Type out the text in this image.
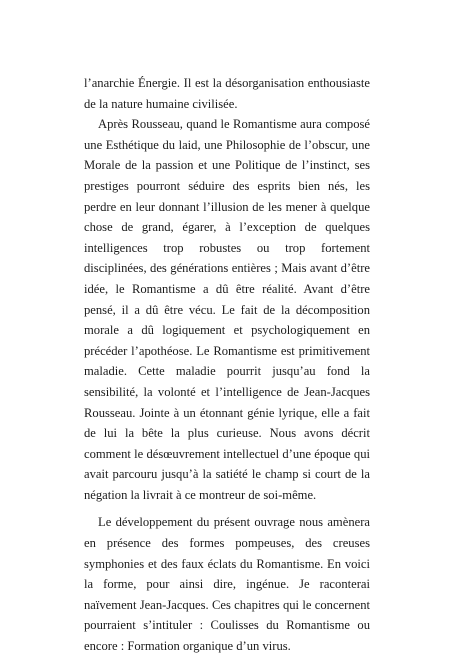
l’anarchie Énergie. Il est la désorganisation enthousiaste de la nature humaine civilisée.

Après Rousseau, quand le Romantisme aura composé une Esthétique du laid, une Philosophie de l’obscur, une Morale de la passion et une Politique de l’instinct, ses prestiges pourront séduire des esprits bien nés, les perdre en leur donnant l’illusion de les mener à quelque chose de grand, égarer, à l’exception de quelques intelligences trop robustes ou trop fortement disciplinées, des générations entières ; Mais avant d’être idée, le Romantisme a dû être réalité. Avant d’être pensé, il a dû être vécu. Le fait de la décomposition morale a dû logiquement et psychologiquement en précéder l’apothéose. Le Romantisme est primitivement maladie. Cette maladie pourrit jusqu’au fond la sensibilité, la volonté et l’intelligence de Jean-Jacques Rousseau. Jointe à un étonnant génie lyrique, elle a fait de lui la bête la plus curieuse. Nous avons décrit comment le désœuvrement intellectuel d’une époque qui avait parcouru jusqu’à la satiété le champ si court de la négation la livrait à ce montreur de soi-même.

Le développement du présent ouvrage nous amènera en présence des formes pompeuses, des creuses symphonies et des faux éclats du Romantisme. En voici la forme, pour ainsi dire, ingénue. Je raconterai naïvement Jean-Jacques. Ces chapitres qui le concernent pourraient s’intituler : Coulisses du Romantisme ou encore : Formation organique d’un virus.
